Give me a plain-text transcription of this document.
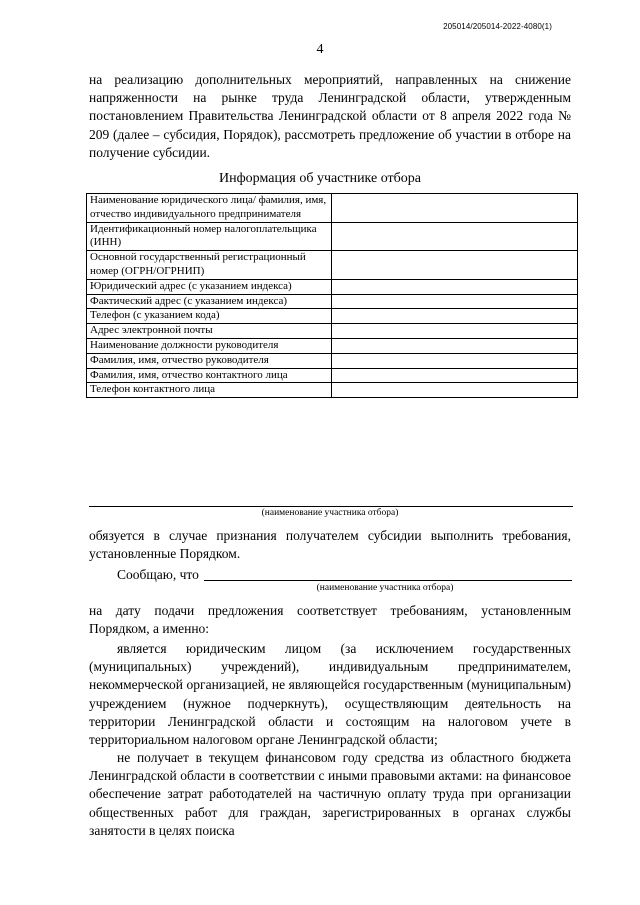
205014/205014-2022-4080(1)
4

на реализацию дополнительных мероприятий, направленных на снижение напряженности на рынке труда Ленинградской области, утвержденным постановлением Правительства Ленинградской области от 8 апреля 2022 года № 209 (далее – субсидия, Порядок), рассмотреть предложение об участии в отборе на получение субсидии.

Информация об участнике отбора
Наименование юридического лица/ фамилия, имя, отчество индивидуального предпринимателя	
Идентификационный номер налогоплательщика (ИНН)	
Основной государственный регистрационный номер (ОГРН/ОГРНИП)	
Юридический адрес (с указанием индекса)	
Фактический адрес (с указанием индекса)	
Телефон (с указанием кода)	
Адрес электронной почты	
Наименование должности руководителя	
Фамилия, имя, отчество руководителя	
Фамилия, имя, отчество контактного лица	
Телефон контактного лица	
(наименование участника отбора)

обязуется в случае признания получателем субсидии выполнить требования, установленные Порядком.

Сообщаю, что
(наименование участника отбора)

на дату подачи предложения соответствует требованиям, установленным Порядком, а именно:

является юридическим лицом (за исключением государственных (муниципальных) учреждений), индивидуальным предпринимателем, некоммерческой организацией, не являющейся государственным (муниципальным) учреждением (нужное подчеркнуть), осуществляющим деятельность на территории Ленинградской области и состоящим на налоговом учете в территориальном налоговом органе Ленинградской области;

не получает в текущем финансовом году средства из областного бюджета Ленинградской области в соответствии с иными правовыми актами: на финансовое обеспечение затрат работодателей на частичную оплату труда при организации общественных работ для граждан, зарегистрированных в органах службы занятости в целях поиска
